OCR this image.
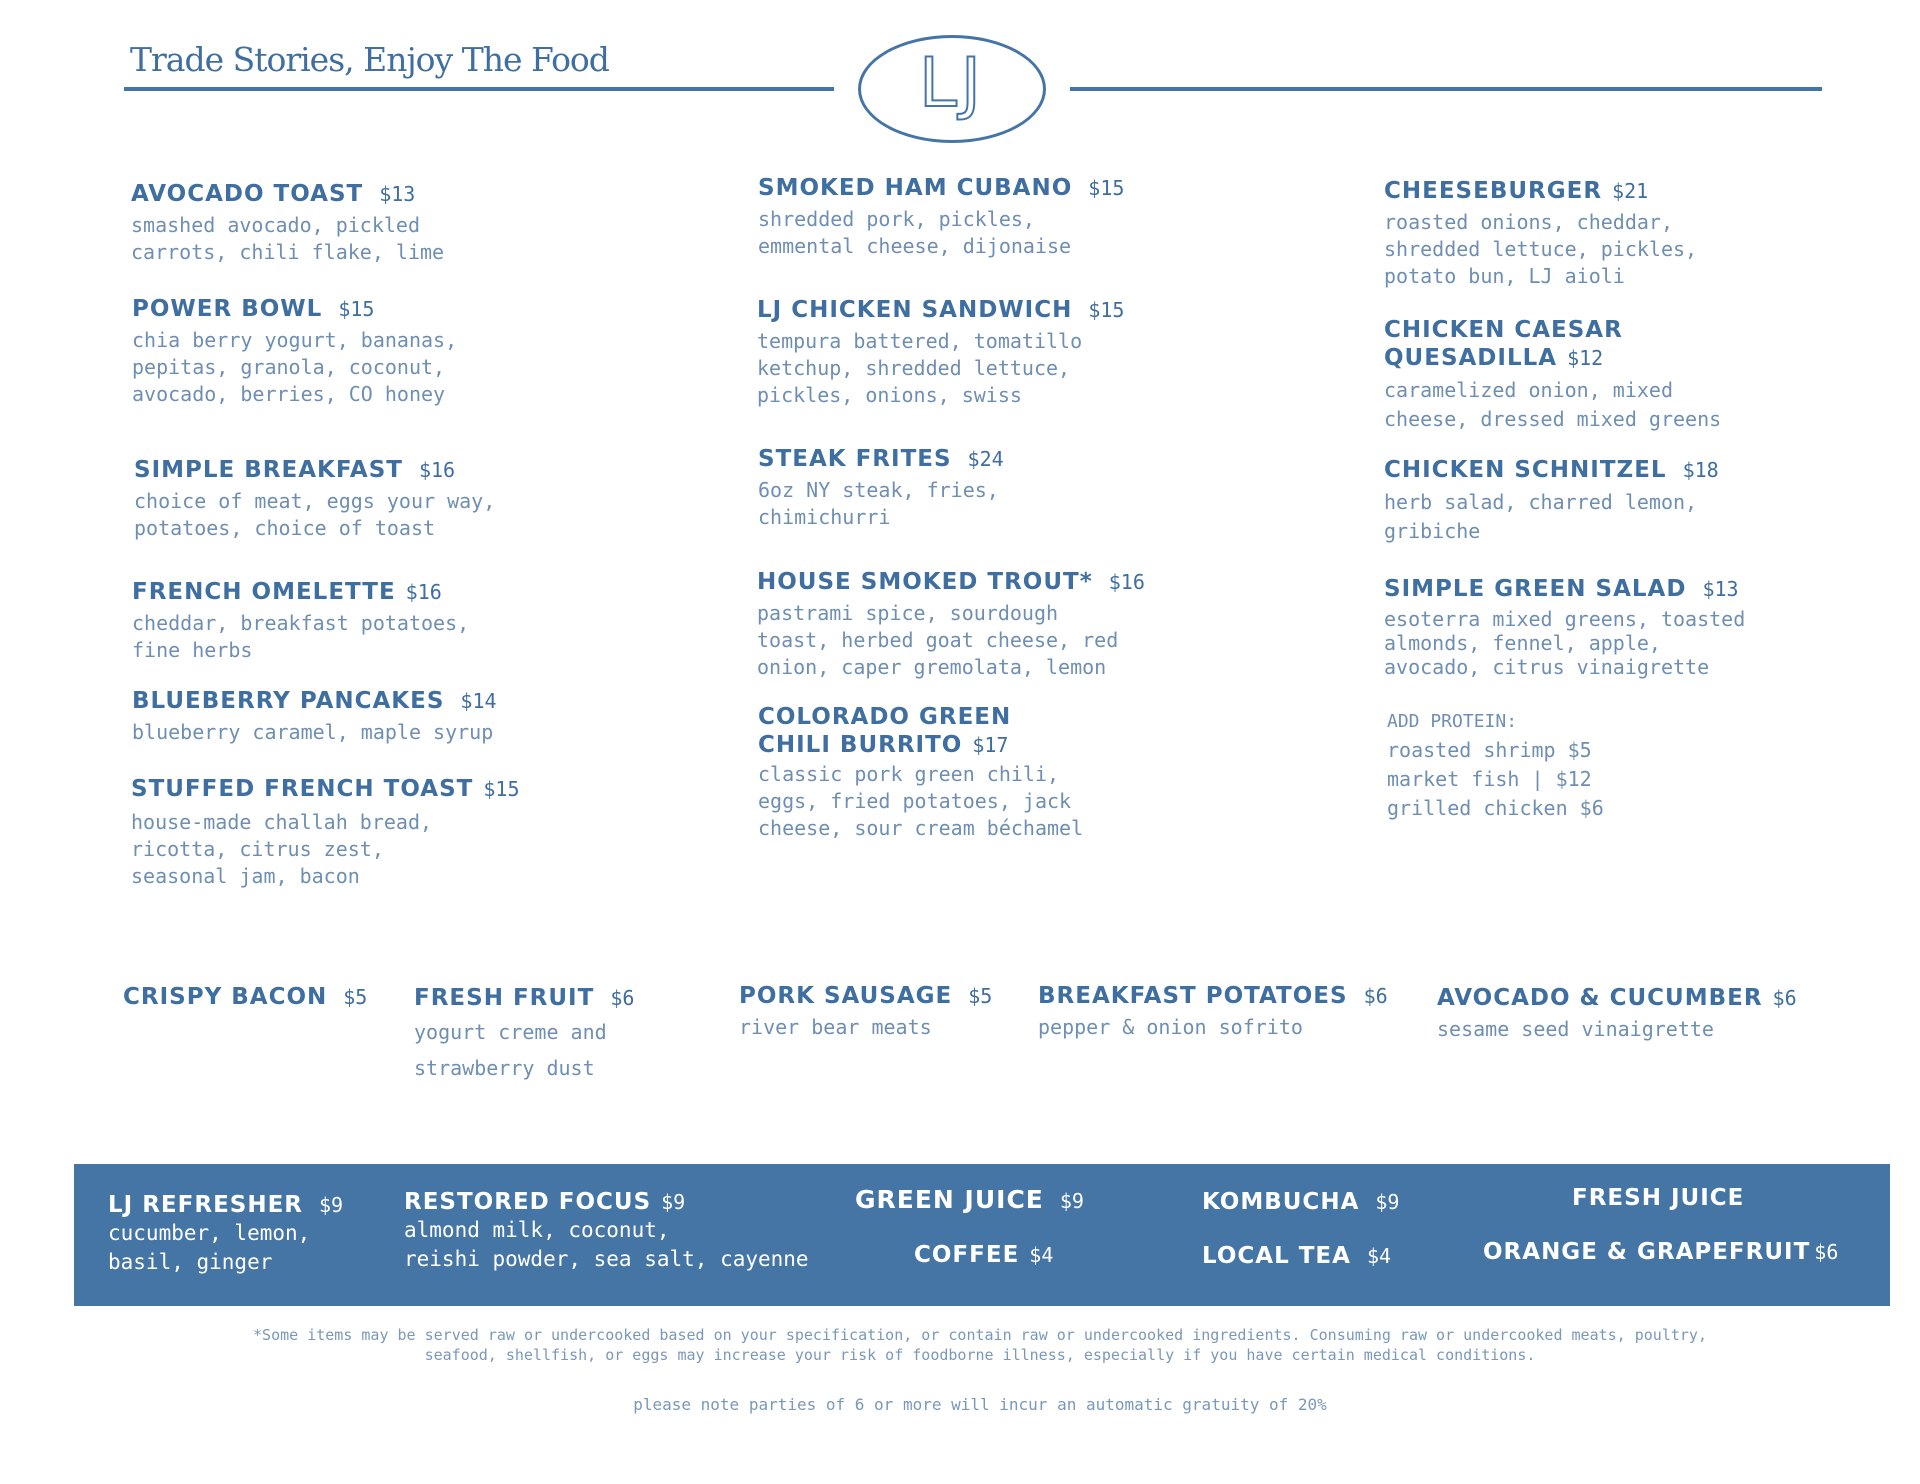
Trade Stories, Enjoy The Food	LJ
AVOCADO TOAST $13
smashed avocado, pickled
carrots, chili flake, lime
POWER BOWL $15
chia berry yogurt, bananas,
pepitas, granola, coconut,
avocado, berries, CO honey
SIMPLE BREAKFAST $16
choice of meat, eggs your way,
potatoes, choice of toast
FRENCH OMELETTE $16
cheddar, breakfast potatoes,
fine herbs
BLUEBERRY PANCAKES $14
blueberry caramel, maple syrup
STUFFED FRENCH TOAST $15
house-made challah bread,
ricotta, citrus zest,
seasonal jam, bacon
SMOKED HAM CUBANO $15
shredded pork, pickles,
emmental cheese, dijonaise
LJ CHICKEN SANDWICH $15
tempura battered, tomatillo
ketchup, shredded lettuce,
pickles, onions, swiss
STEAK FRITES $24
6oz NY steak, fries,
chimichurri
HOUSE SMOKED TROUT* $16
pastrami spice, sourdough
toast, herbed goat cheese, red
onion, caper gremolata, lemon
COLORADO GREEN
CHILI BURRITO $17
classic pork green chili,
eggs, fried potatoes, jack
cheese, sour cream béchamel
CHEESEBURGER $21
roasted onions, cheddar,
shredded lettuce, pickles,
potato bun, LJ aioli
CHICKEN CAESAR
QUESADILLA $12
caramelized onion, mixed
cheese, dressed mixed greens
CHICKEN SCHNITZEL $18
herb salad, charred lemon,
gribiche
SIMPLE GREEN SALAD $13
esoterra mixed greens, toasted
almonds, fennel, apple,
avocado, citrus vinaigrette
ADD PROTEIN:
roasted shrimp $5
market fish | $12
grilled chicken $6
CRISPY BACON $5 FRESH FRUIT $6
yogurt creme and
strawberry dust
PORK SAUSAGE $5
river bear meats
BREAKFAST POTATOES $6
pepper & onion sofrito
AVOCADO & CUCUMBER $6
sesame seed vinaigrette
LJ REFRESHER $9
cucumber, lemon,
basil, ginger
RESTORED FOCUS $9
almond milk, coconut,
reishi powder, sea salt, cayenne
GREEN JUICE $9
COFFEE $4
KOMBUCHA $9
LOCAL TEA $4
FRESH JUICE
ORANGE & GRAPEFRUIT $6
*Some items may be served raw or undercooked based on your specification, or contain raw or undercooked ingredients. Consuming raw or undercooked meats, poultry,
seafood, shellfish, or eggs may increase your risk of foodborne illness, especially if you have certain medical conditions.
please note parties of 6 or more will incur an automatic gratuity of 20%
